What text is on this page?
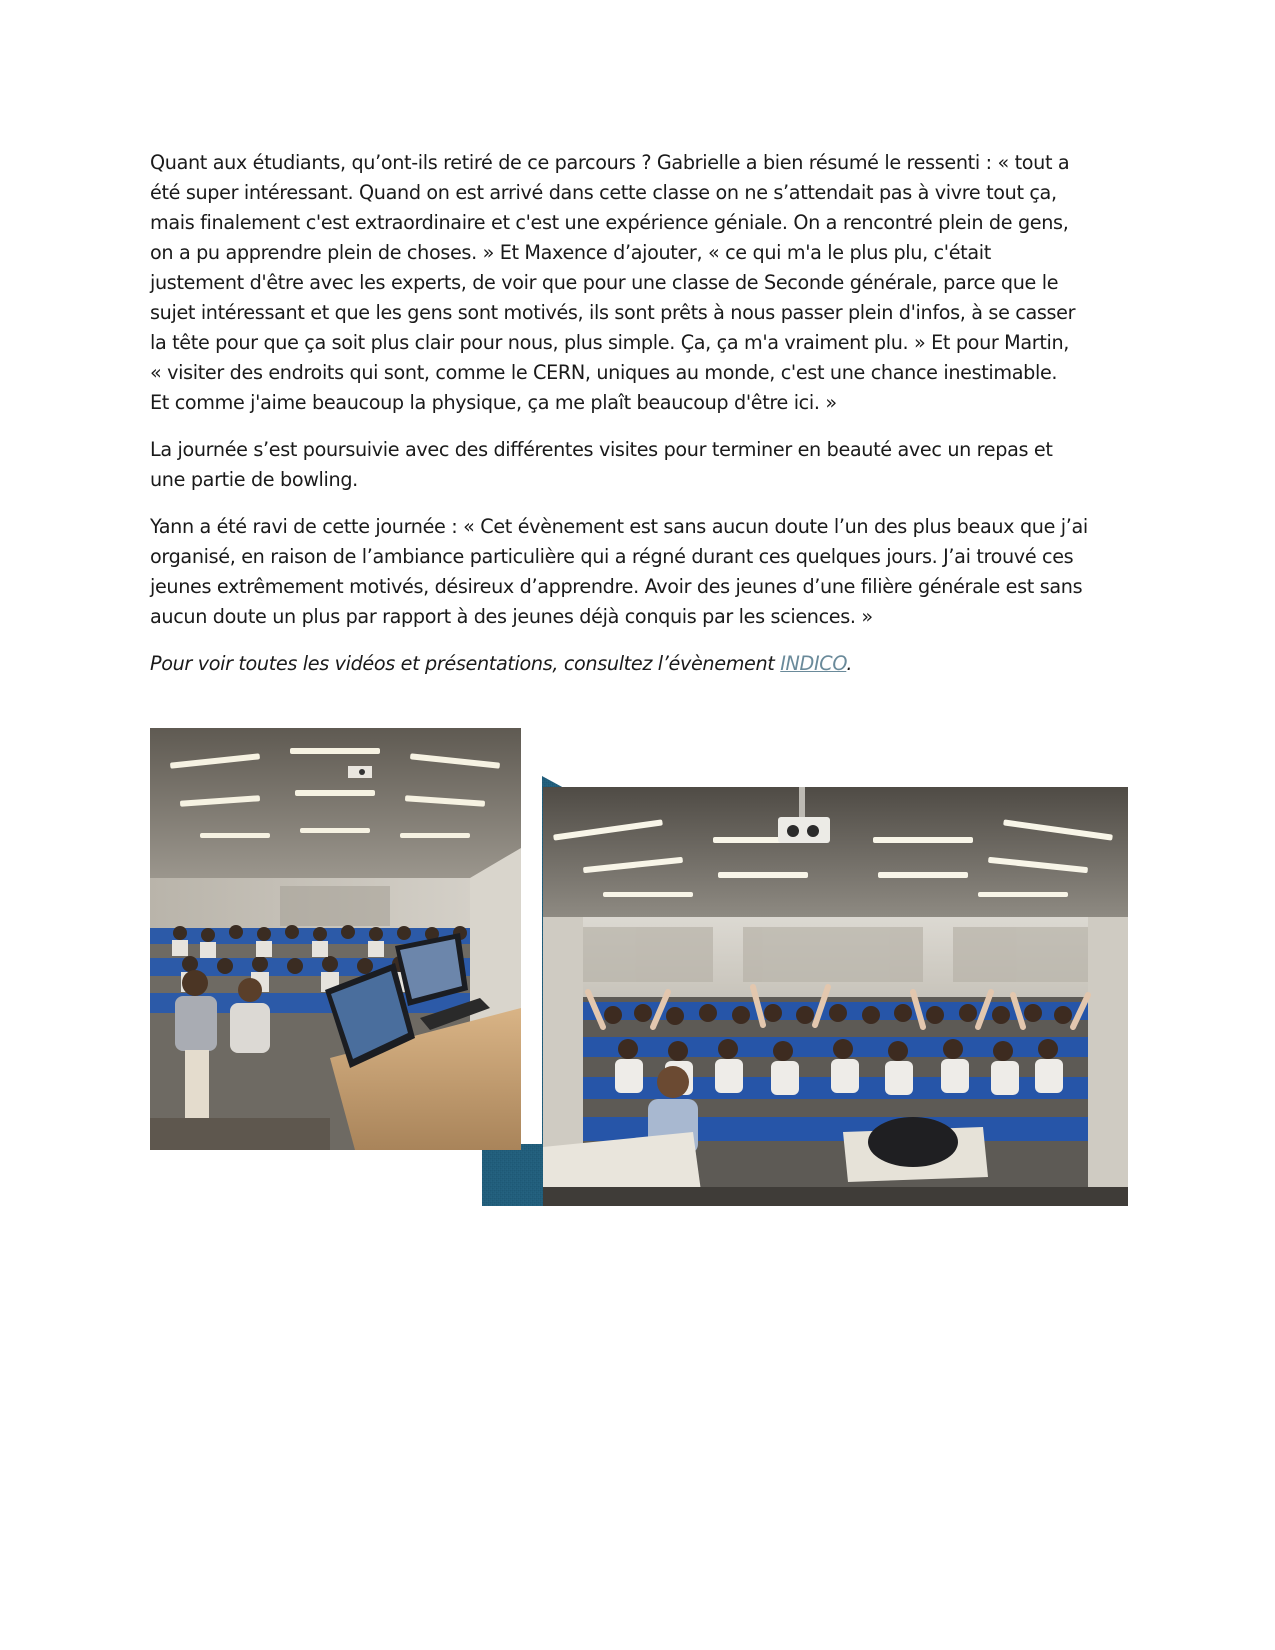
Quant aux étudiants, qu’ont-ils retiré de ce parcours ? Gabrielle a bien résumé le ressenti : « tout a
été super intéressant. Quand on est arrivé dans cette classe on ne s’attendait pas à vivre tout ça,
mais finalement c'est extraordinaire et c'est une expérience géniale. On a rencontré plein de gens,
on a pu apprendre plein de choses. » Et Maxence d’ajouter, « ce qui m'a le plus plu, c'était
justement d'être avec les experts, de voir que pour une classe de Seconde générale, parce que le
sujet intéressant et que les gens sont motivés, ils sont prêts à nous passer plein d'infos, à se casser
la tête pour que ça soit plus clair pour nous, plus simple. Ça, ça m'a vraiment plu. » Et pour Martin,
« visiter des endroits qui sont, comme le CERN, uniques au monde, c'est une chance inestimable.
Et comme j'aime beaucoup la physique, ça me plaît beaucoup d'être ici. »

La journée s’est poursuivie avec des différentes visites pour terminer en beauté avec un repas et
une partie de bowling.

Yann a été ravi de cette journée : « Cet évènement est sans aucun doute l’un des plus beaux que j’ai
organisé, en raison de l’ambiance particulière qui a régné durant ces quelques jours. J’ai trouvé ces
jeunes extrêmement motivés, désireux d’apprendre. Avoir des jeunes d’une filière générale est sans
aucun doute un plus par rapport à des jeunes déjà conquis par les sciences. »

Pour voir toutes les vidéos et présentations, consultez l’évènement INDICO.
